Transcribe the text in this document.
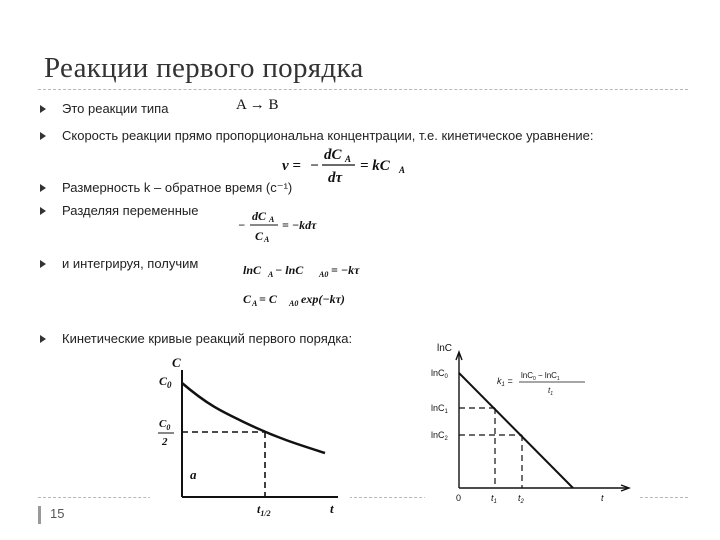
Реакции первого порядка
Это реакции типа	A → B
Скорость реакции прямо пропорциональна концентрации, т.е. кинетическое уравнение:
v = −
dC A
dτ
= kC A
Размерность k – обратное время (c⁻¹)
Разделяя переменные
−
dC A
C A
= −kdτ
и интегрируя, получим	lnC A − lnC A0 = −kτ
C A = C A0 exp(−kτ)
Кинетические кривые реакций первого порядка:
C
$C_0$
$C_0$
2
a
$t_{1/2}$	t
lnC
lnC$_0$
lnC$_1$
lnC$_2$
0	$t_1$ $t_2$	t
$k_1$ =
lnC$_0$ − lnC$_1$
$t_1$
15
